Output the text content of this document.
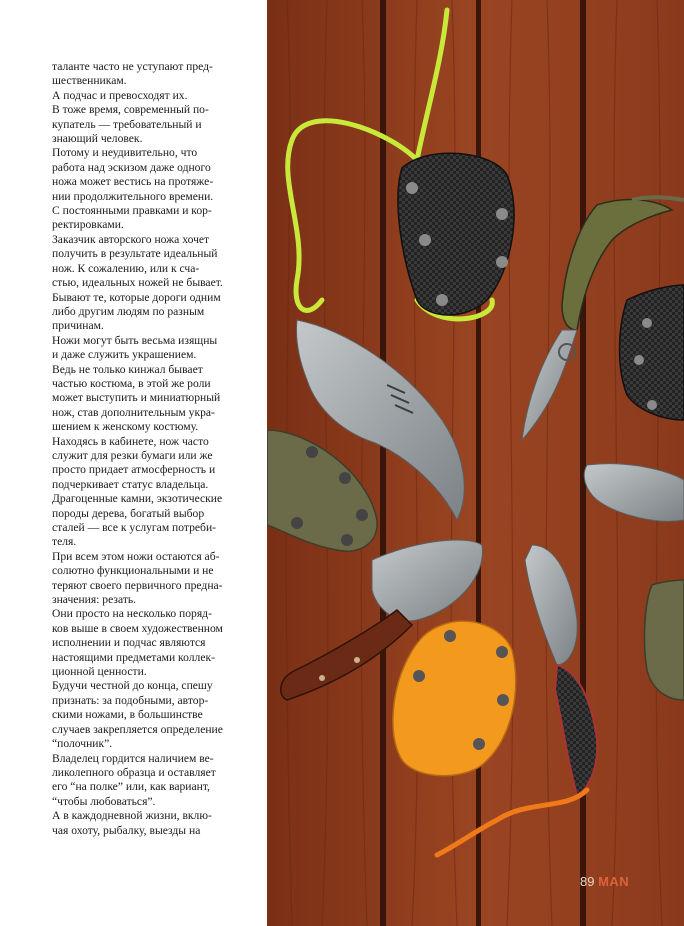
таланте часто не уступают пред-
шественникам.
А подчас и превосходят их.
В тоже время, современный по-
купатель — требовательный и
знающий человек.
Потому и неудивительно, что
работа над эскизом даже одного
ножа может вестись на протяже-
нии продолжительного времени.
С постоянными правками и кор-
ректировками.
Заказчик авторского ножа хочет
получить в результате идеальный
нож. К сожалению, или к сча-
стью, идеальных ножей не бывает.
Бывают те, которые дороги одним
либо другим людям по разным
причинам.
Ножи могут быть весьма изящны
и даже служить украшением.
Ведь не только кинжал бывает
частью костюма, в этой же роли
может выступить и миниатюрный
нож, став дополнительным укра-
шением к женскому костюму.
Находясь в кабинете, нож часто
служит для резки бумаги или же
просто придает атмосферность и
подчеркивает статус владельца.
Драгоценные камни, экзотические
породы дерева, богатый выбор
сталей — все к услугам потреби-
теля.
При всем этом ножи остаются аб-
солютно функциональными и не
теряют своего первичного предна-
значения: резать.
Они просто на несколько поряд-
ков выше в своем художественном
исполнении и подчас являются
настоящими предметами коллек-
ционной ценности.
Будучи честной до конца, спешу
признать: за подобными, автор-
скими ножами, в большинстве
случаев закрепляется определение
“полочник”.
Владелец гордится наличием ве-
ликолепного образца и оставляет
его “на полке” или, как вариант,
“чтобы любоваться”.
А в каждодневной жизни, вклю-
чая охоту, рыбалку, выезды на
89 MAN
